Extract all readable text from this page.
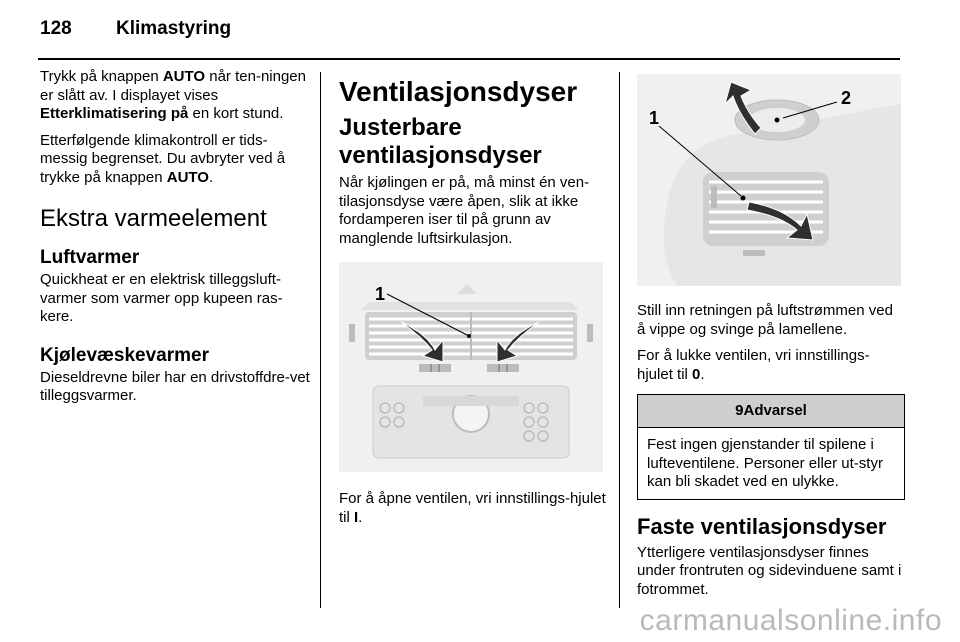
128 Klimastyring

Trykk på knappen AUTO når ten-ningen er slått av. I displayet vises Etterklimatisering på en kort stund.

Etterfølgende klimakontroll er tids-messig begrenset. Du avbryter ved å trykke på knappen AUTO.

Ekstra varmeelement
Luftvarmer

Quickheat er en elektrisk tilleggsluft-varmer som varmer opp kupeen ras-kere.

Kjølevæskevarmer

Dieseldrevne biler har en drivstoffdre-vet tilleggsvarmer.

Ventilasjonsdyser
Justerbare ventilasjonsdyser

Når kjølingen er på, må minst én ven-tilasjonsdyse være åpen, slik at ikke fordamperen iser til på grunn av manglende luftsirkulasjon.

1

For å åpne ventilen, vri innstillings-hjulet til I.

1
2

Still inn retningen på luftstrømmen ved å vippe og svinge på lamellene.

For å lukke ventilen, vri innstillings-hjulet til 0.

9Advarsel
Fest ingen gjenstander til spilene i lufteventilene. Personer eller ut-styr kan bli skadet ved en ulykke.
Faste ventilasjonsdyser

Ytterligere ventilasjonsdyser finnes under frontruten og sidevinduene samt i fotrommet.

carmanualsonline.info
